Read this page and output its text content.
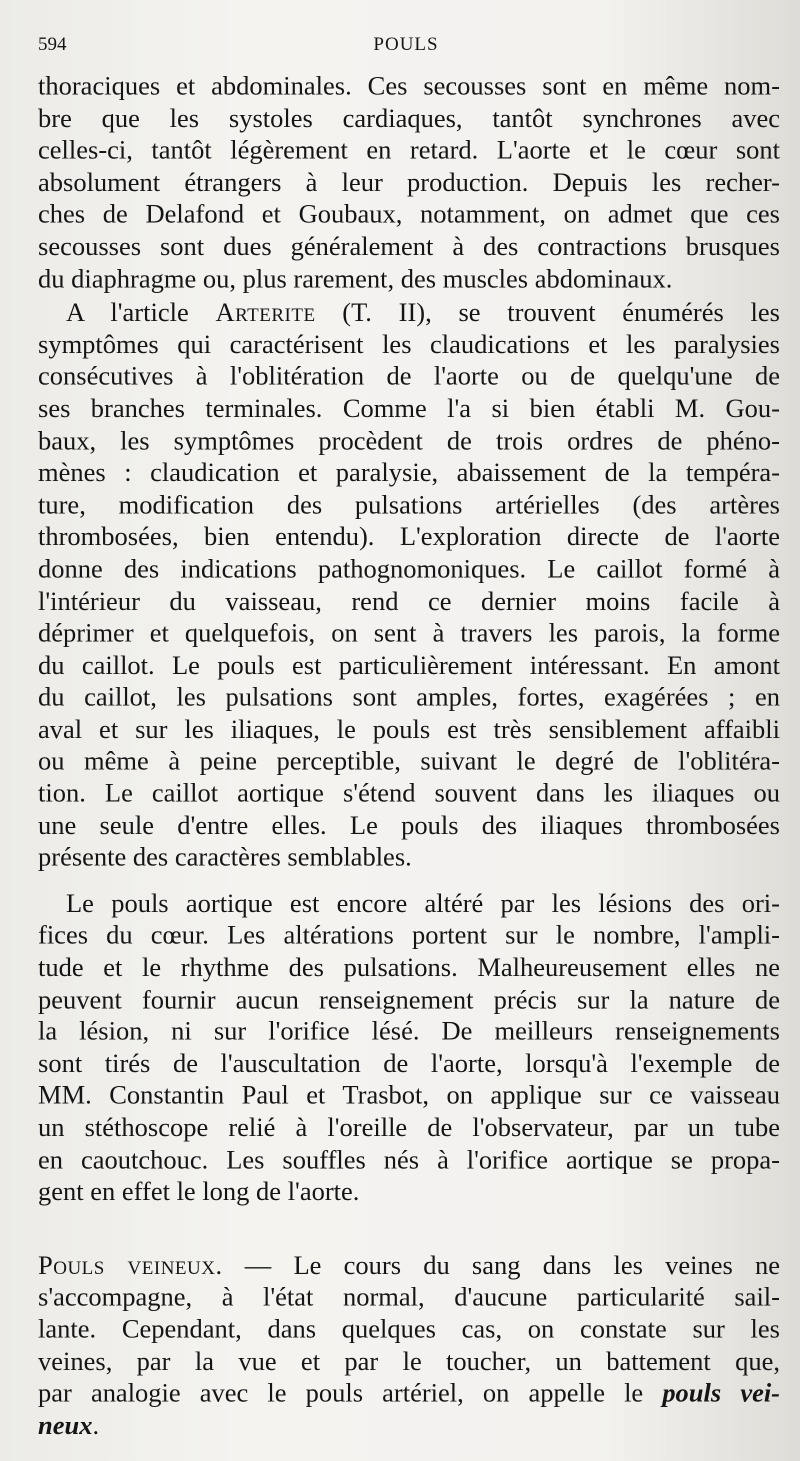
594	POULS
thoraciques et abdominales. Ces secousses sont en même nom-
bre que les systoles cardiaques, tantôt synchrones avec
celles-ci, tantôt légèrement en retard. L'aorte et le cœur sont
absolument étrangers à leur production. Depuis les recher-
ches de Delafond et Goubaux, notamment, on admet que ces
secousses sont dues généralement à des contractions brusques
du diaphragme ou, plus rarement, des muscles abdominaux.
A l'article Arterite (T. II), se trouvent énumérés les
symptômes qui caractérisent les claudications et les paralysies
consécutives à l'oblitération de l'aorte ou de quelqu'une de
ses branches terminales. Comme l'a si bien établi M. Gou-
baux, les symptômes procèdent de trois ordres de phéno-
mènes : claudication et paralysie, abaissement de la tempéra-
ture, modification des pulsations artérielles (des artères
thrombosées, bien entendu). L'exploration directe de l'aorte
donne des indications pathognomoniques. Le caillot formé à
l'intérieur du vaisseau, rend ce dernier moins facile à
déprimer et quelquefois, on sent à travers les parois, la forme
du caillot. Le pouls est particulièrement intéressant. En amont
du caillot, les pulsations sont amples, fortes, exagérées ; en
aval et sur les iliaques, le pouls est très sensiblement affaibli
ou même à peine perceptible, suivant le degré de l'oblitéra-
tion. Le caillot aortique s'étend souvent dans les iliaques ou
une seule d'entre elles. Le pouls des iliaques thrombosées
présente des caractères semblables.
Le pouls aortique est encore altéré par les lésions des ori-
fices du cœur. Les altérations portent sur le nombre, l'ampli-
tude et le rhythme des pulsations. Malheureusement elles ne
peuvent fournir aucun renseignement précis sur la nature de
la lésion, ni sur l'orifice lésé. De meilleurs renseignements
sont tirés de l'auscultation de l'aorte, lorsqu'à l'exemple de
MM. Constantin Paul et Trasbot, on applique sur ce vaisseau
un stéthoscope relié à l'oreille de l'observateur, par un tube
en caoutchouc. Les souffles nés à l'orifice aortique se propa-
gent en effet le long de l'aorte.
Pouls veineux. — Le cours du sang dans les veines ne
s'accompagne, à l'état normal, d'aucune particularité sail-
lante. Cependant, dans quelques cas, on constate sur les
veines, par la vue et par le toucher, un battement que,
par analogie avec le pouls artériel, on appelle le pouls vei-
neux.
